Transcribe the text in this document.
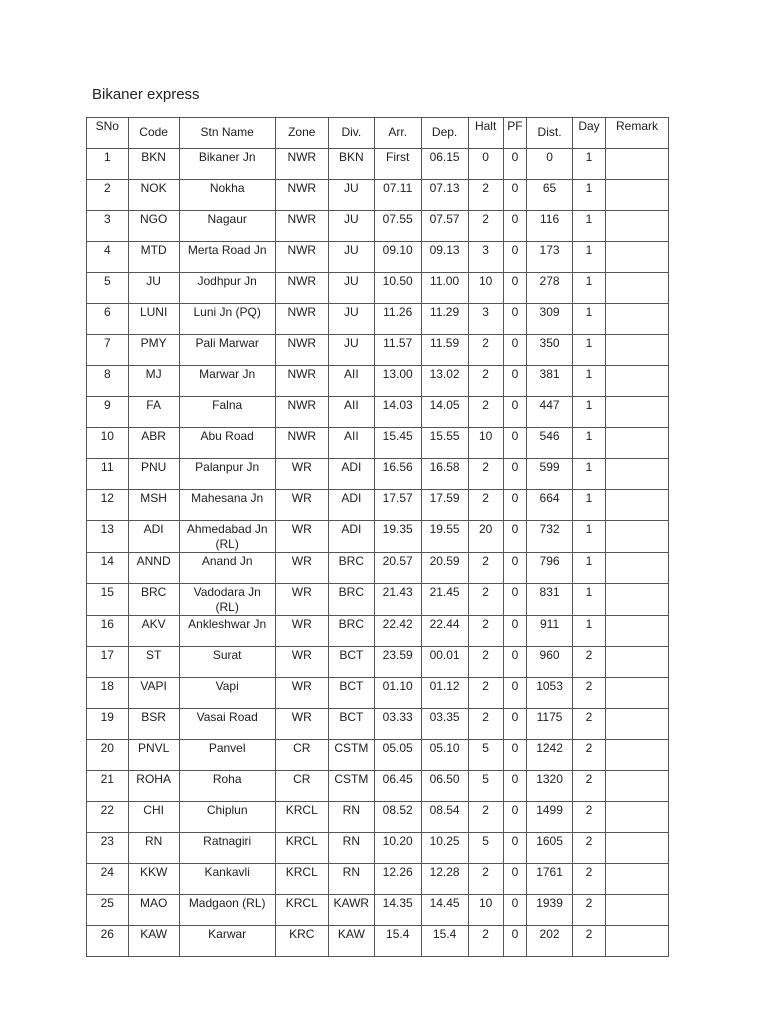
Bikaner express
SNo	Code	Stn Name	Zone	Div.	Arr.	Dep.	Halt	PF	Dist.	Day	Remark
1	BKN	Bikaner Jn	NWR	BKN	First	06.15	0	0	0	1	
2	NOK	Nokha	NWR	JU	07.11	07.13	2	0	65	1	
3	NGO	Nagaur	NWR	JU	07.55	07.57	2	0	116	1	
4	MTD	Merta Road Jn	NWR	JU	09.10	09.13	3	0	173	1	
5	JU	Jodhpur Jn	NWR	JU	10.50	11.00	10	0	278	1	
6	LUNI	Luni Jn (PQ)	NWR	JU	11.26	11.29	3	0	309	1	
7	PMY	Pali Marwar	NWR	JU	11.57	11.59	2	0	350	1	
8	MJ	Marwar Jn	NWR	AII	13.00	13.02	2	0	381	1	
9	FA	Falna	NWR	AII	14.03	14.05	2	0	447	1	
10	ABR	Abu Road	NWR	AII	15.45	15.55	10	0	546	1	
11	PNU	Palanpur Jn	WR	ADI	16.56	16.58	2	0	599	1	
12	MSH	Mahesana Jn	WR	ADI	17.57	17.59	2	0	664	1	
13	ADI	Ahmedabad Jn (RL)	WR	ADI	19.35	19.55	20	0	732	1	
14	ANND	Anand Jn	WR	BRC	20.57	20.59	2	0	796	1	
15	BRC	Vadodara Jn (RL)	WR	BRC	21.43	21.45	2	0	831	1	
16	AKV	Ankleshwar Jn	WR	BRC	22.42	22.44	2	0	911	1	
17	ST	Surat	WR	BCT	23.59	00.01	2	0	960	2	
18	VAPI	Vapi	WR	BCT	01.10	01.12	2	0	1053	2	
19	BSR	Vasai Road	WR	BCT	03.33	03.35	2	0	1175	2	
20	PNVL	Panvel	CR	CSTM	05.05	05.10	5	0	1242	2	
21	ROHA	Roha	CR	CSTM	06.45	06.50	5	0	1320	2	
22	CHI	Chiplun	KRCL	RN	08.52	08.54	2	0	1499	2	
23	RN	Ratnagiri	KRCL	RN	10.20	10.25	5	0	1605	2	
24	KKW	Kankavli	KRCL	RN	12.26	12.28	2	0	1761	2	
25	MAO	Madgaon (RL)	KRCL	KAWR	14.35	14.45	10	0	1939	2	
26	KAW	Karwar	KRC	KAW	15.4	15.4	2	0	202	2	
